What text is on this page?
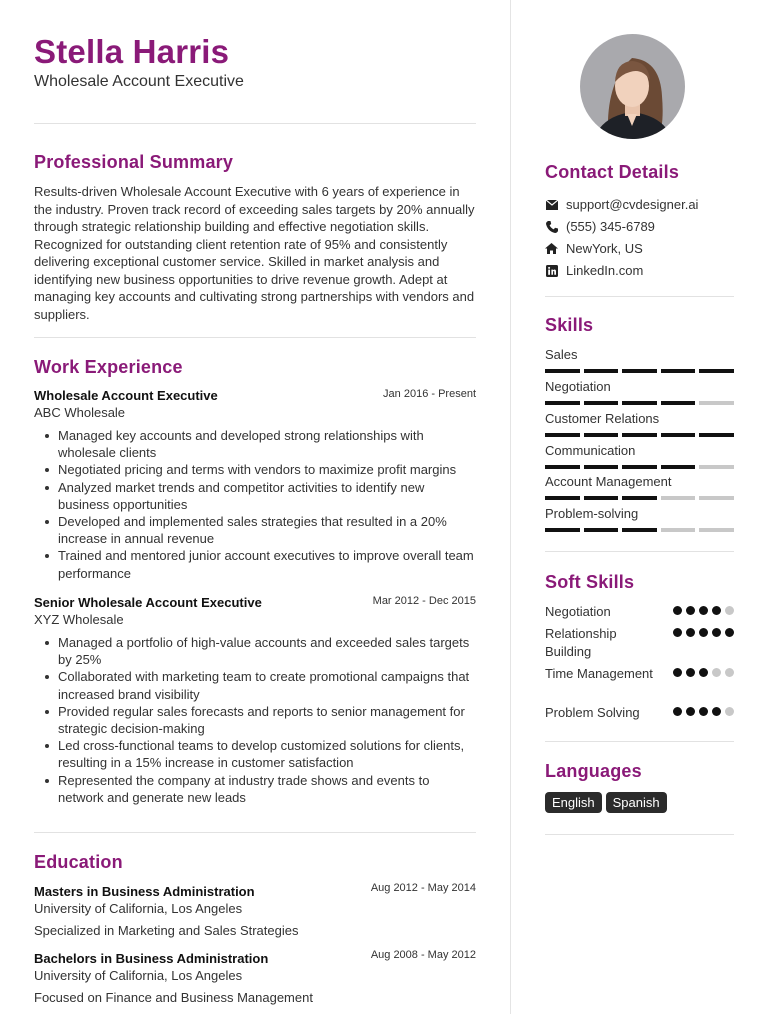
Stella Harris
Wholesale Account Executive
Professional Summary
Results-driven Wholesale Account Executive with 6 years of experience in the industry. Proven track record of exceeding sales targets by 20% annually through strategic relationship building and effective negotiation skills. Recognized for outstanding client retention rate of 95% and consistently delivering exceptional customer service. Skilled in market analysis and identifying new business opportunities to drive revenue growth. Adept at managing key accounts and cultivating strong partnerships with vendors and suppliers.
Work Experience
Wholesale Account Executive	Jan 2016 - Present
ABC Wholesale
Managed key accounts and developed strong relationships with wholesale clients
Negotiated pricing and terms with vendors to maximize profit margins
Analyzed market trends and competitor activities to identify new business opportunities
Developed and implemented sales strategies that resulted in a 20% increase in annual revenue
Trained and mentored junior account executives to improve overall team performance
Senior Wholesale Account Executive	Mar 2012 - Dec 2015
XYZ Wholesale
Managed a portfolio of high-value accounts and exceeded sales targets by 25%
Collaborated with marketing team to create promotional campaigns that increased brand visibility
Provided regular sales forecasts and reports to senior management for strategic decision-making
Led cross-functional teams to develop customized solutions for clients, resulting in a 15% increase in customer satisfaction
Represented the company at industry trade shows and events to network and generate new leads
Education
Masters in Business Administration	Aug 2012 - May 2014
University of California, Los Angeles
Specialized in Marketing and Sales Strategies
Bachelors in Business Administration	Aug 2008 - May 2012
University of California, Los Angeles
Focused on Finance and Business Management
Contact Details
support@cvdesigner.ai
(555) 345-6789
NewYork, US
LinkedIn.com
Skills
Sales
Negotiation
Customer Relations
Communication
Account Management
Problem-solving
Soft Skills
Negotiation
Relationship Building
Time Management
Problem Solving
Languages
English	Spanish
